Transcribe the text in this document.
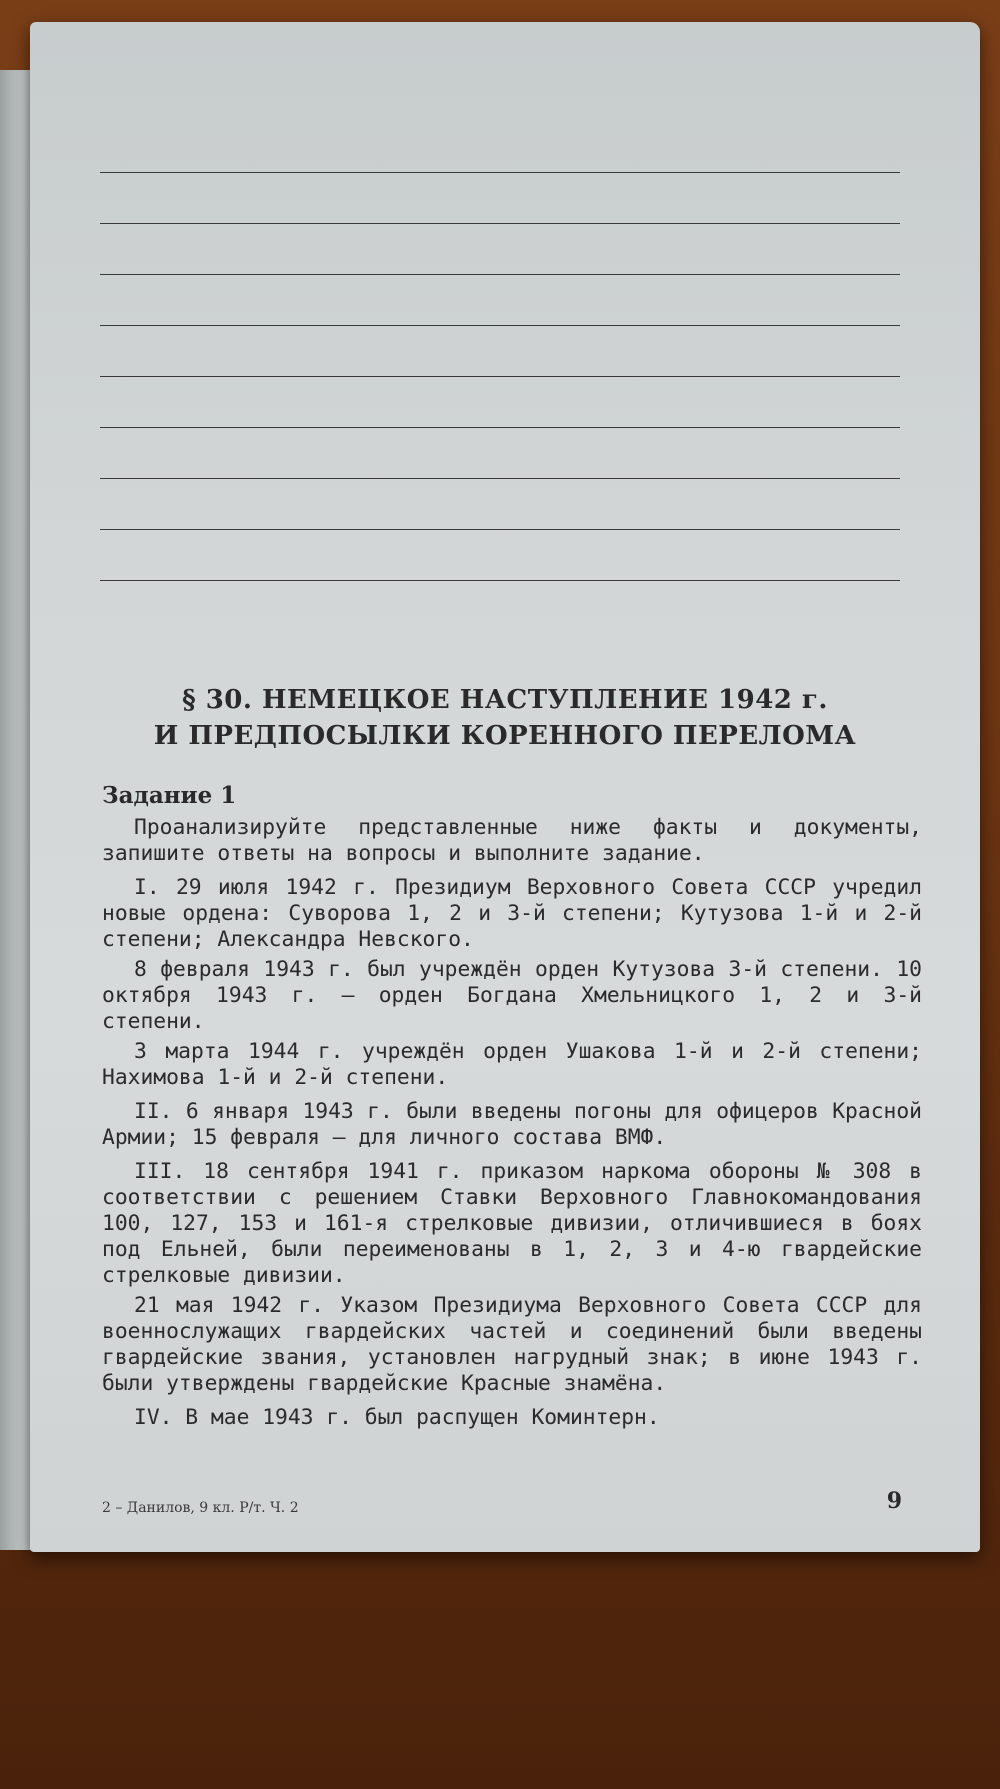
§ 30. НЕМЕЦКОЕ НАСТУПЛЕНИЕ 1942 г.
И ПРЕДПОСЫЛКИ КОРЕННОГО ПЕРЕЛОМА
Задание 1

Проанализируйте представленные ниже факты и документы, запишите ответы на вопросы и выполните задание.

I. 29 июля 1942 г. Президиум Верховного Совета СССР учредил новые ордена: Суворова 1, 2 и 3-й степени; Кутузова 1-й и 2-й степени; Александра Невского.

8 февраля 1943 г. был учреждён орден Кутузова 3-й степени. 10 октября 1943 г. — орден Богдана Хмельницкого 1, 2 и 3-й степени.

3 марта 1944 г. учреждён орден Ушакова 1-й и 2-й степени; Нахимова 1-й и 2-й степени.

II. 6 января 1943 г. были введены погоны для офицеров Красной Армии; 15 февраля — для личного состава ВМФ.

III. 18 сентября 1941 г. приказом наркома обороны № 308 в соответствии с решением Ставки Верховного Главнокомандования 100, 127, 153 и 161-я стрелковые дивизии, отличившиеся в боях под Ельней, были переименованы в 1, 2, 3 и 4-ю гвардейские стрелковые дивизии.

21 мая 1942 г. Указом Президиума Верховного Совета СССР для военнослужащих гвардейских частей и соединений были введены гвардейские звания, установлен нагрудный знак; в июне 1943 г. были утверждены гвардейские Красные знамёна.

IV. В мае 1943 г. был распущен Коминтерн.

2 – Данилов, 9 кл. Р/т. Ч. 2	9
